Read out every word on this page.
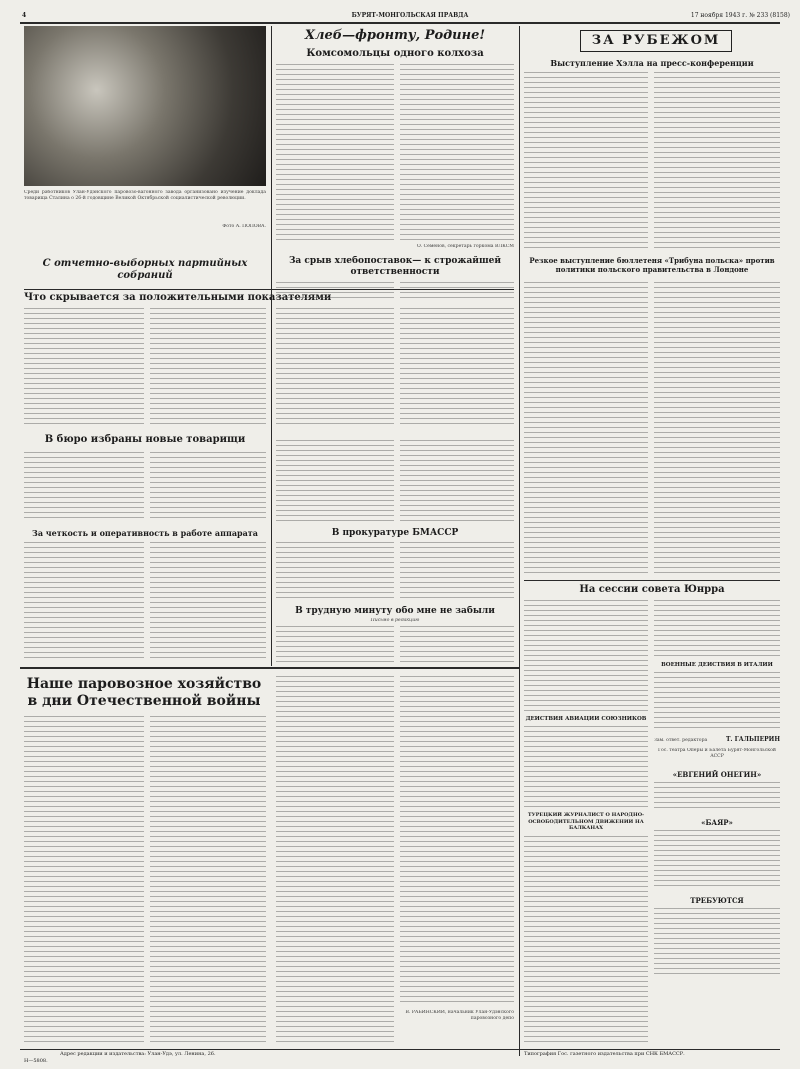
4	БУРЯТ-МОНГОЛЬСКАЯ ПРАВДА	17 ноября 1943 г. № 233 (8158)
Среди работников Улан-Удэнского паровозо-вагонного завода организовано изучение доклада товарища Сталина о 26-й годовщине Великой Октябрьской социалистической революции.
Фото А. ПОПОВА.
С отчетно-выборных партийных собраний
Что скрывается за положительными показателями
В бюро избраны новые товарищи
За четкость и оперативность в работе аппарата
Хлеб—фронту, Родине!
Комсомольцы одного колхоза
О. Семенов, секретарь горкома ВЛКСМ
За срыв хлебопоставок— к строжайшей ответственности
В прокуратуре БМАССР
В трудную минуту обо мне не забыли
Письмо в редакцию
ЗА РУБЕЖОМ
Выступление Хэлла на пресс-конференции
Резкое выступление бюллетеня «Трибуна польска» против политики польского правительства в Лондоне
На сессии совета Юнрра
ДЕЙСТВИЯ АВИАЦИИ СОЮЗНИКОВ
ВОЕННЫЕ ДЕЙСТВИЯ В ИТАЛИИ
ТУРЕЦКИЙ ЖУРНАЛИСТ О НАРОДНО-ОСВОБОДИТЕЛЬНОМ ДВИЖЕНИИ НА БАЛКАНАХ
Зам. ответ. редактора	Т. ГАЛЬПЕРИН
Гос. театра Оперы и Балета Бурят-Монгольской АССР
«ЕВГЕНИЙ ОНЕГИН»
«БАЯР»
ТРЕБУЮТСЯ
Наше паровозное хозяйство в дни Отечественной войны
В. РАБИНСКИЙ, начальник Улан-Удэнского паровозного депо
Н—5808.
Адрес редакции и издательства: Улан-Удэ, ул. Ленина, 26.	Типография Гос. газетного издательства при СНК БМАССР.
